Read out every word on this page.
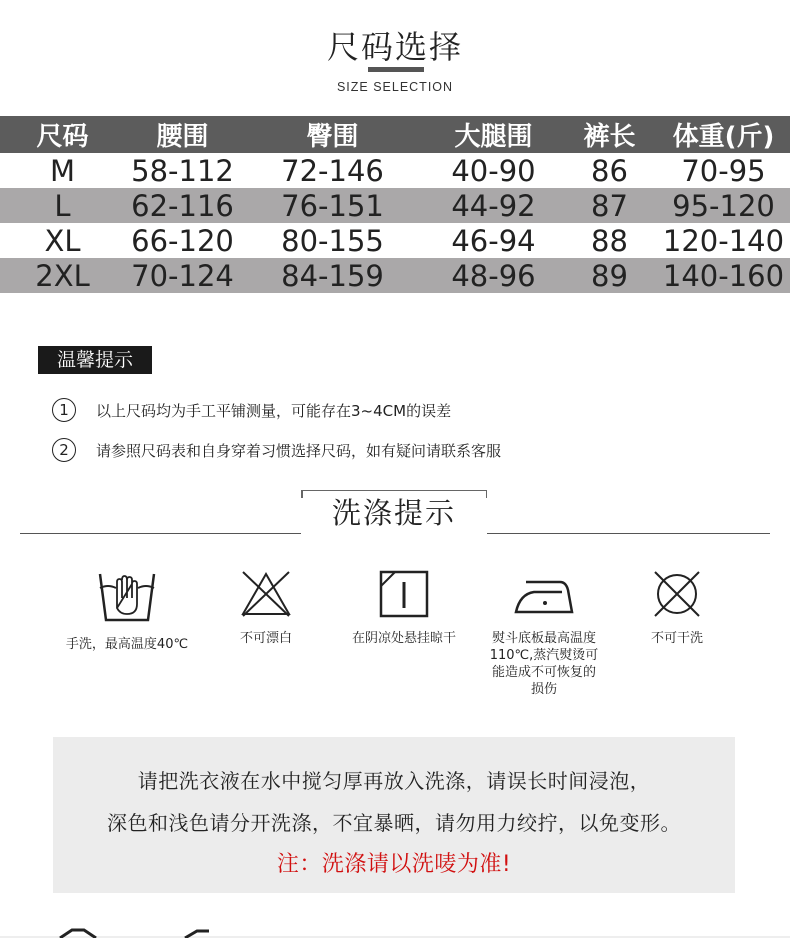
尺码选择
SIZE SELECTION
尺码	腰围	臀围	大腿围	裤长	体重(斤)
M	58-112	72-146	40-90	86	70-95
L	62-116	76-151	44-92	87	95-120
XL	66-120	80-155	46-94	88	120-140
2XL	70-124	84-159	48-96	89	140-160
温馨提示
1	以上尺码均为手工平铺测量，可能存在3~4CM的误差
2	请参照尺码表和自身穿着习惯选择尺码，如有疑问请联系客服
洗涤提示
手洗，最高温度40℃	不可漂白	在阴凉处悬挂晾干	熨斗底板最高温度110℃,蒸汽熨烫可能造成不可恢复的损伤
不可干洗
请把洗衣液在水中搅匀厚再放入洗涤，请误长时间浸泡，
深色和浅色请分开洗涤，不宜暴晒，请勿用力绞拧，以免变形。
注：洗涤请以洗唛为准!
